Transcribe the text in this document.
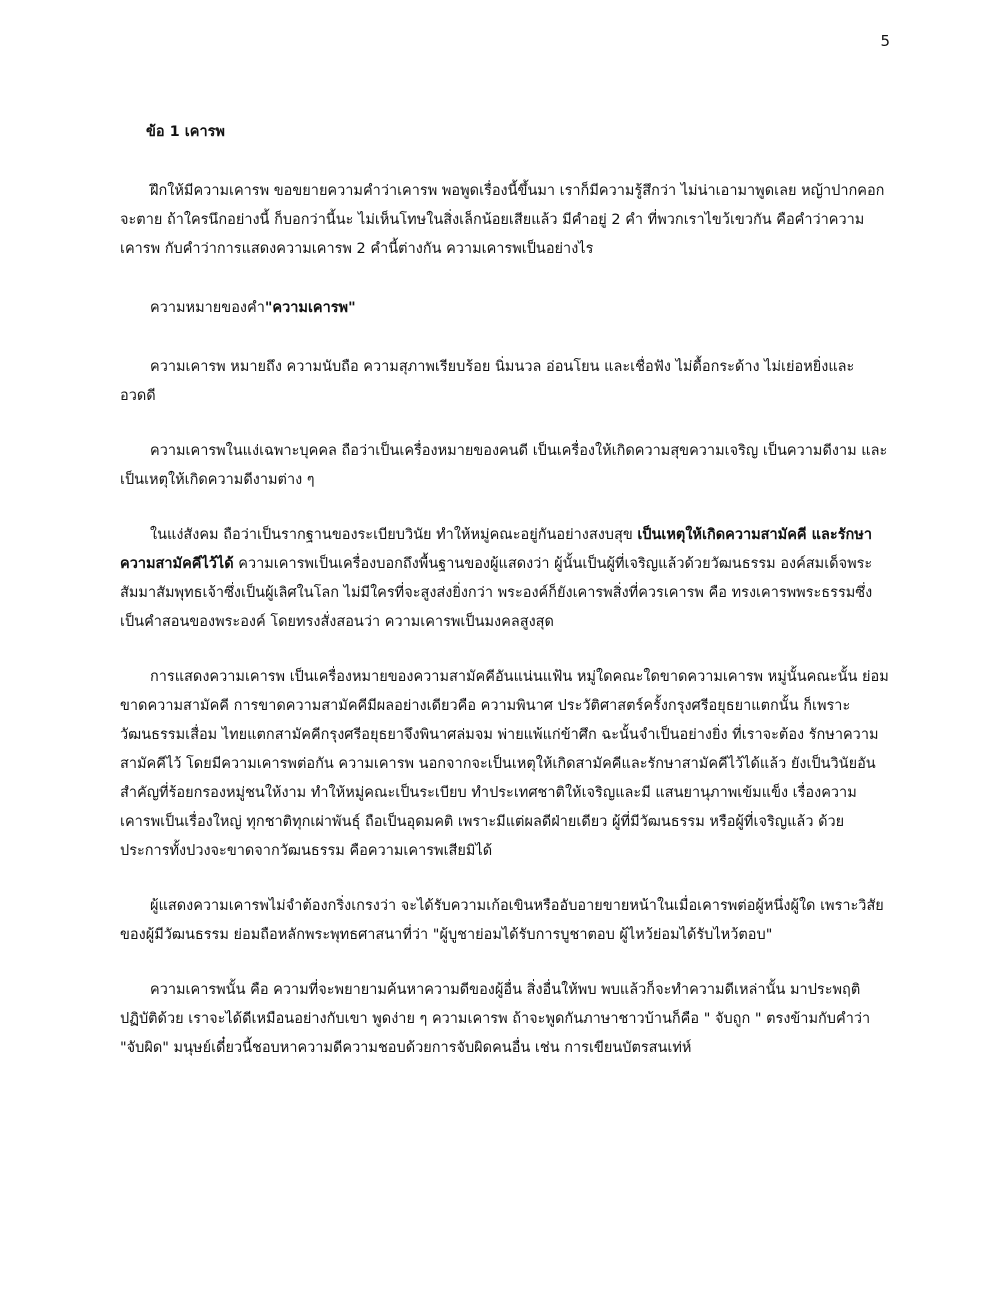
5

ข้อ 1 เคารพ

ฝึกให้มีความเคารพ ขอขยายความคำว่าเคารพ พอพูดเรื่องนี้ขึ้นมา เราก็มีความรู้สึกว่า ไม่น่าเอามาพูดเลย หญ้าปากคอกจะตาย ถ้าใครนึกอย่างนี้ ก็บอกว่านี้นะ ไม่เห็นโทษในสิ่งเล็กน้อยเสียแล้ว มีคำอยู่ 2 คำ ที่พวกเราไขว้เขวกัน คือคำว่าความเคารพ กับคำว่าการแสดงความเคารพ 2 คำนี้ต่างกัน ความเคารพเป็นอย่างไร

ความหมายของคำ"ความเคารพ"

ความเคารพ หมายถึง ความนับถือ ความสุภาพเรียบร้อย นิ่มนวล อ่อนโยน และเชื่อฟัง ไม่ดื้อกระด้าง ไม่เย่อหยิ่งและอวดดี

ความเคารพในแง่เฉพาะบุคคล ถือว่าเป็นเครื่องหมายของคนดี เป็นเครื่องให้เกิดความสุขความเจริญ เป็นความดีงาม และเป็นเหตุให้เกิดความดีงามต่าง ๆ

ในแง่สังคม ถือว่าเป็นรากฐานของระเบียบวินัย ทำให้หมู่คณะอยู่กันอย่างสงบสุข เป็นเหตุให้เกิดความสามัคคี และรักษาความสามัคคีไว้ได้ ความเคารพเป็นเครื่องบอกถึงพื้นฐานของผู้แสดงว่า ผู้นั้นเป็นผู้ที่เจริญแล้วด้วยวัฒนธรรม องค์สมเด็จพระสัมมาสัมพุทธเจ้าซึ่งเป็นผู้เลิศในโลก ไม่มีใครที่จะสูงส่งยิ่งกว่า พระองค์ก็ยังเคารพสิ่งที่ควรเคารพ คือ ทรงเคารพพระธรรมซึ่งเป็นคำสอนของพระองค์ โดยทรงสั่งสอนว่า ความเคารพเป็นมงคลสูงสุด

การแสดงความเคารพ เป็นเครื่องหมายของความสามัคคีอันแน่นแฟ้น หมู่ใดคณะใดขาดความเคารพ หมู่นั้นคณะนั้น ย่อมขาดความสามัคคี การขาดความสามัคคีมีผลอย่างเดียวคือ ความพินาศ ประวัติศาสตร์ครั้งกรุงศรีอยุธยาแตกนั้น ก็เพราะวัฒนธรรมเสื่อม ไทยแตกสามัคคีกรุงศรีอยุธยาจึงพินาศล่มจม พ่ายแพ้แก่ข้าศึก ฉะนั้นจำเป็นอย่างยิ่ง ที่เราจะต้อง รักษาความสามัคคีไว้ โดยมีความเคารพต่อกัน ความเคารพ นอกจากจะเป็นเหตุให้เกิดสามัคคีและรักษาสามัคคีไว้ได้แล้ว ยังเป็นวินัยอันสำคัญที่ร้อยกรองหมู่ชนให้งาม ทำให้หมู่คณะเป็นระเบียบ ทำประเทศชาติให้เจริญและมี แสนยานุภาพเข้มแข็ง เรื่องความเคารพเป็นเรื่องใหญ่ ทุกชาติทุกเผ่าพันธุ์ ถือเป็นอุดมคติ เพราะมีแต่ผลดีฝ่ายเดียว ผู้ที่มีวัฒนธรรม หรือผู้ที่เจริญแล้ว ด้วยประการทั้งปวงจะขาดจากวัฒนธรรม คือความเคารพเสียมิได้

ผู้แสดงความเคารพไม่จำต้องกริ่งเกรงว่า จะได้รับความเก้อเขินหรืออับอายขายหน้าในเมื่อเคารพต่อผู้หนึ่งผู้ใด เพราะวิสัยของผู้มีวัฒนธรรม ย่อมถือหลักพระพุทธศาสนาที่ว่า "ผู้บูชาย่อมได้รับการบูชาตอบ ผู้ไหว้ย่อมได้รับไหว้ตอบ"

ความเคารพนั้น คือ ความที่จะพยายามค้นหาความดีของผู้อื่น สิ่งอื่นให้พบ พบแล้วก็จะทำความดีเหล่านั้น มาประพฤติปฏิบัติด้วย เราจะได้ดีเหมือนอย่างกับเขา พูดง่าย ๆ ความเคารพ ถ้าจะพูดกันภาษาชาวบ้านก็คือ " จับถูก " ตรงข้ามกับคำว่า "จับผิด" มนุษย์เดี๋ยวนี้ชอบหาความดีความชอบด้วยการจับผิดคนอื่น เช่น การเขียนบัตรสนเท่ห์
